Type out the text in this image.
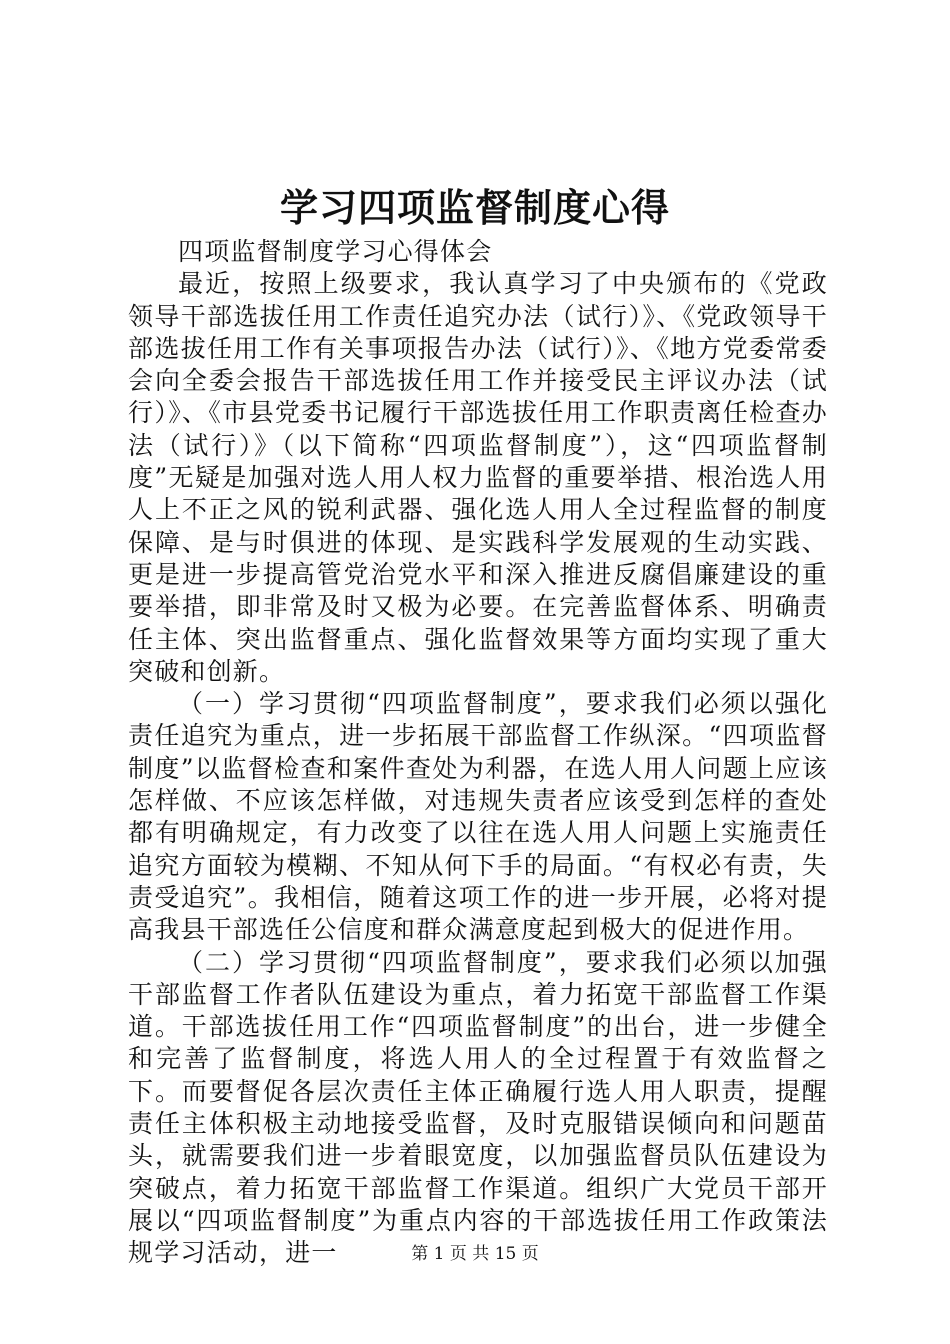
学习四项监督制度心得

四项监督制度学习心得体会

最近，按照上级要求，我认真学习了中央颁布的《党政领导干部选拔任用工作责任追究办法（试行）》、《党政领导干部选拔任用工作有关事项报告办法（试行）》、《地方党委常委会向全委会报告干部选拔任用工作并接受民主评议办法（试行）》、《市县党委书记履行干部选拔任用工作职责离任检查办法（试行）》（以下简称“四项监督制度”），这“四项监督制度”无疑是加强对选人用人权力监督的重要举措、根治选人用人上不正之风的锐利武器、强化选人用人全过程监督的制度保障、是与时俱进的体现、是实践科学发展观的生动实践、更是进一步提高管党治党水平和深入推进反腐倡廉建设的重要举措，即非常及时又极为必要。在完善监督体系、明确责任主体、突出监督重点、强化监督效果等方面均实现了重大突破和创新。

（一）学习贯彻“四项监督制度”，要求我们必须以强化责任追究为重点，进一步拓展干部监督工作纵深。“四项监督制度”以监督检查和案件查处为利器，在选人用人问题上应该怎样做、不应该怎样做，对违规失责者应该受到怎样的查处都有明确规定，有力改变了以往在选人用人问题上实施责任追究方面较为模糊、不知从何下手的局面。“有权必有责，失责受追究”。我相信，随着这项工作的进一步开展，必将对提高我县干部选任公信度和群众满意度起到极大的促进作用。

（二）学习贯彻“四项监督制度”，要求我们必须以加强干部监督工作者队伍建设为重点，着力拓宽干部监督工作渠道。干部选拔任用工作“四项监督制度”的出台，进一步健全和完善了监督制度，将选人用人的全过程置于有效监督之下。而要督促各层次责任主体正确履行选人用人职责，提醒责任主体积极主动地接受监督，及时克服错误倾向和问题苗头，就需要我们进一步着眼宽度，以加强监督员队伍建设为突破点，着力拓宽干部监督工作渠道。组织广大党员干部开展以“四项监督制度”为重点内容的干部选拔任用工作政策法规学习活动，进一	第 1 页 共 15 页
